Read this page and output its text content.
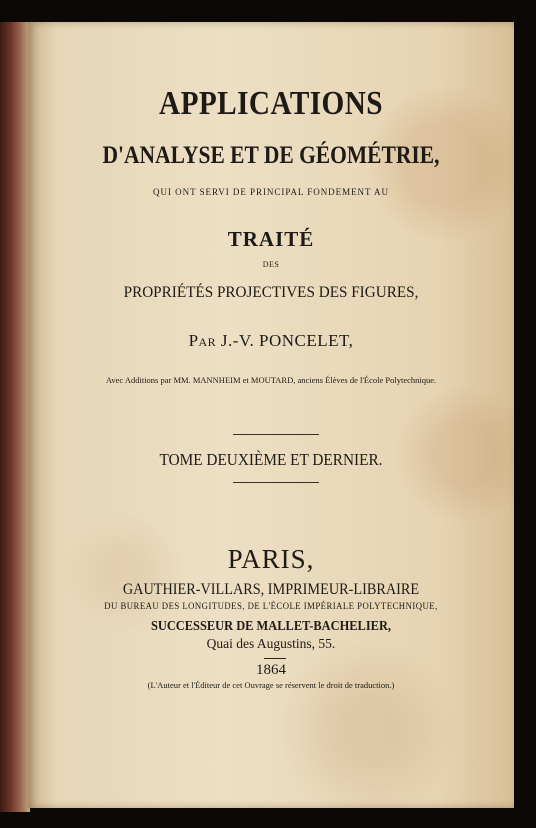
APPLICATIONS
D'ANALYSE ET DE GÉOMÉTRIE,
QUI ONT SERVI DE PRINCIPAL FONDEMENT AU
TRAITÉ
DES
PROPRIÉTÉS PROJECTIVES DES FIGURES,
Par J.-V. PONCELET,
Avec Additions par MM. MANNHEIM et MOUTARD, anciens Élèves de l'École Polytechnique.
TOME DEUXIÈME ET DERNIER.
PARIS,
GAUTHIER-VILLARS, IMPRIMEUR-LIBRAIRE
DU BUREAU DES LONGITUDES, DE L'ÉCOLE IMPÉRIALE POLYTECHNIQUE,
SUCCESSEUR DE MALLET-BACHELIER,
Quai des Augustins, 55.
1864
(L'Auteur et l'Éditeur de cet Ouvrage se réservent le droit de traduction.)
